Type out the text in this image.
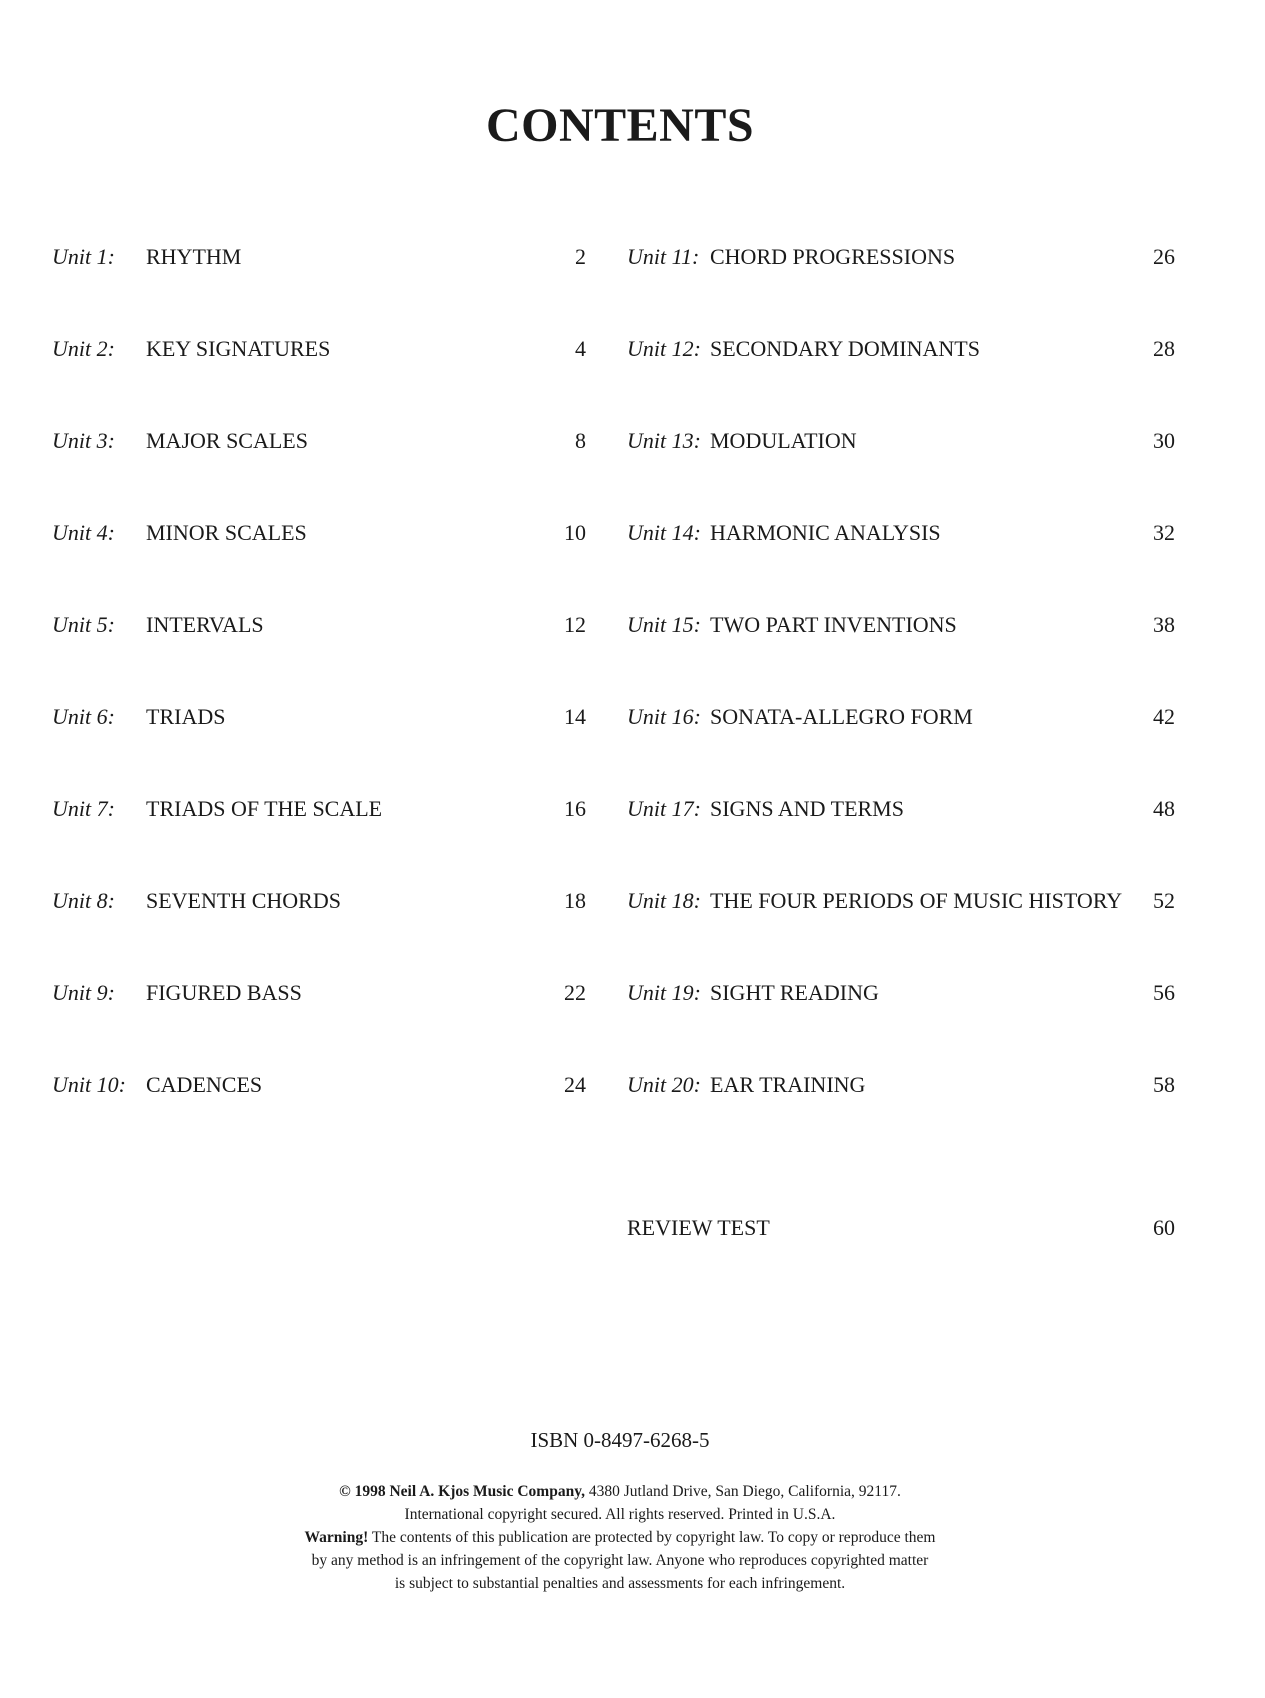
CONTENTS
Unit 1: RHYTHM	2
Unit 2: KEY SIGNATURES	4
Unit 3: MAJOR SCALES	8
Unit 4: MINOR SCALES	10
Unit 5: INTERVALS	12
Unit 6: TRIADS	14
Unit 7: TRIADS OF THE SCALE	16
Unit 8: SEVENTH CHORDS	18
Unit 9: FIGURED BASS	22
Unit 10: CADENCES	24
Unit 11: CHORD PROGRESSIONS	26
Unit 12: SECONDARY DOMINANTS	28
Unit 13: MODULATION	30
Unit 14: HARMONIC ANALYSIS	32
Unit 15: TWO PART INVENTIONS	38
Unit 16: SONATA-ALLEGRO FORM	42
Unit 17: SIGNS AND TERMS	48
Unit 18: THE FOUR PERIODS OF MUSIC HISTORY 52
Unit 19: SIGHT READING	56
Unit 20: EAR TRAINING	58
REVIEW TEST	60
ISBN 0-8497-6268-5
© 1998 Neil A. Kjos Music Company, 4380 Jutland Drive, San Diego, California, 92117.
International copyright secured. All rights reserved. Printed in U.S.A.
Warning! The contents of this publication are protected by copyright law. To copy or reproduce them
by any method is an infringement of the copyright law. Anyone who reproduces copyrighted matter
is subject to substantial penalties and assessments for each infringement.
